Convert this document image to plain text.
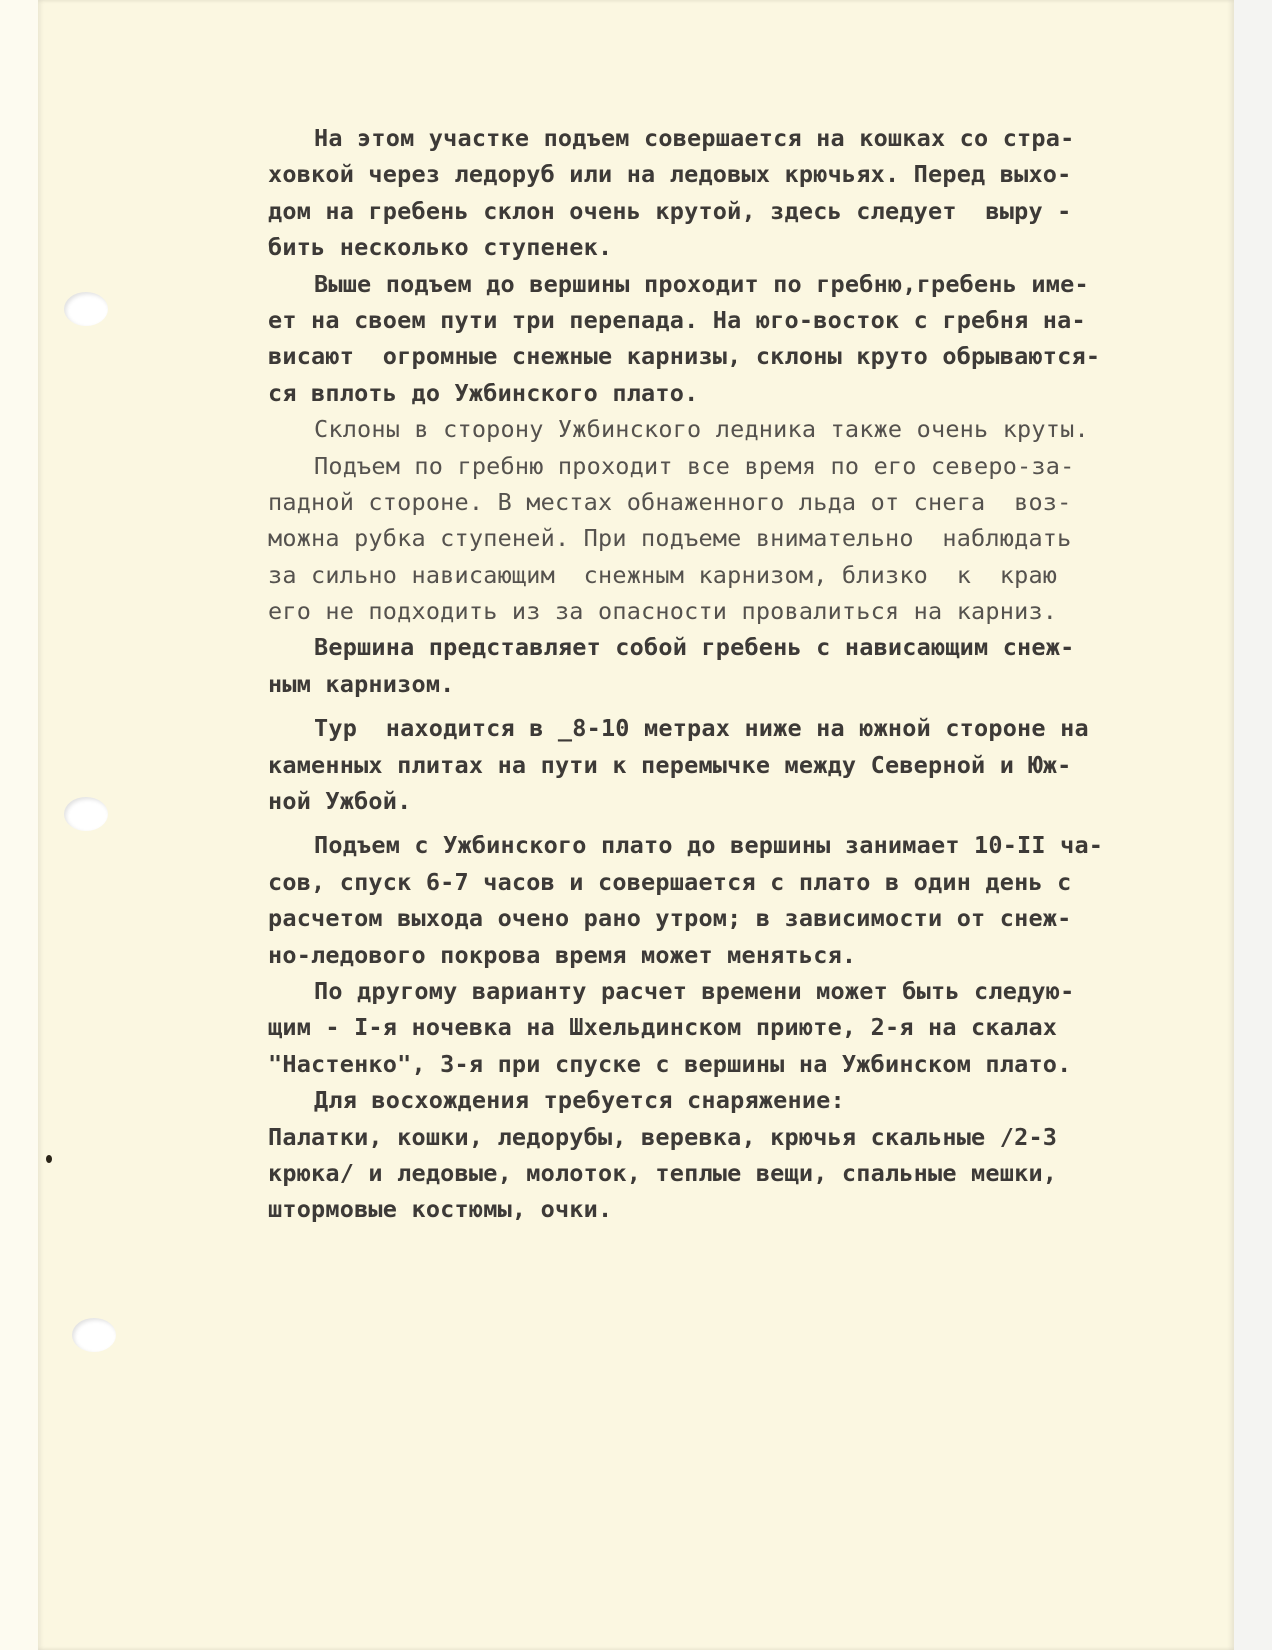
На этом участке подъем совершается на кошках со стра-
ховкой через ледоруб или на ледовых крючьях. Перед выхо-
дом на гребень склон очень крутой, здесь следует  выру -
бить несколько ступенек.
Выше подъем до вершины проходит по гребню,гребень име-
ет на своем пути три перепада. На юго-восток с гребня на-
висают  огромные снежные карнизы, склоны круто обрываются-
ся вплоть до Ужбинского плато.
Склоны в сторону Ужбинского ледника также очень круты.
Подъем по гребню проходит все время по его северо-за-
падной стороне. В местах обнаженного льда от снега  воз-
можна рубка ступеней. При подъеме внимательно  наблюдать
за сильно нависающим  снежным карнизом, близко  к  краю
его не подходить из за опасности провалиться на карниз.
Вершина представляет собой гребень с нависающим снеж-
ным карнизом.
Тур  находится в _8-10 метрах ниже на южной стороне на
каменных плитах на пути к перемычке между Северной и Юж-
ной Ужбой.
Подъем с Ужбинского плато до вершины занимает 10-II ча-
сов, спуск 6-7 часов и совершается с плато в один день с
расчетом выхода очено рано утром; в зависимости от снеж-
но-ледового покрова время может меняться.
По другому варианту расчет времени может быть следую-
щим - I-я ночевка на Шхельдинском приюте, 2-я на скалах
"Настенко", 3-я при спуске с вершины на Ужбинском плато.
Для восхождения требуется снаряжение:
Палатки, кошки, ледорубы, веревка, крючья скальные /2-3
крюка/ и ледовые, молоток, теплые вещи, спальные мешки,
штормовые костюмы, очки.
